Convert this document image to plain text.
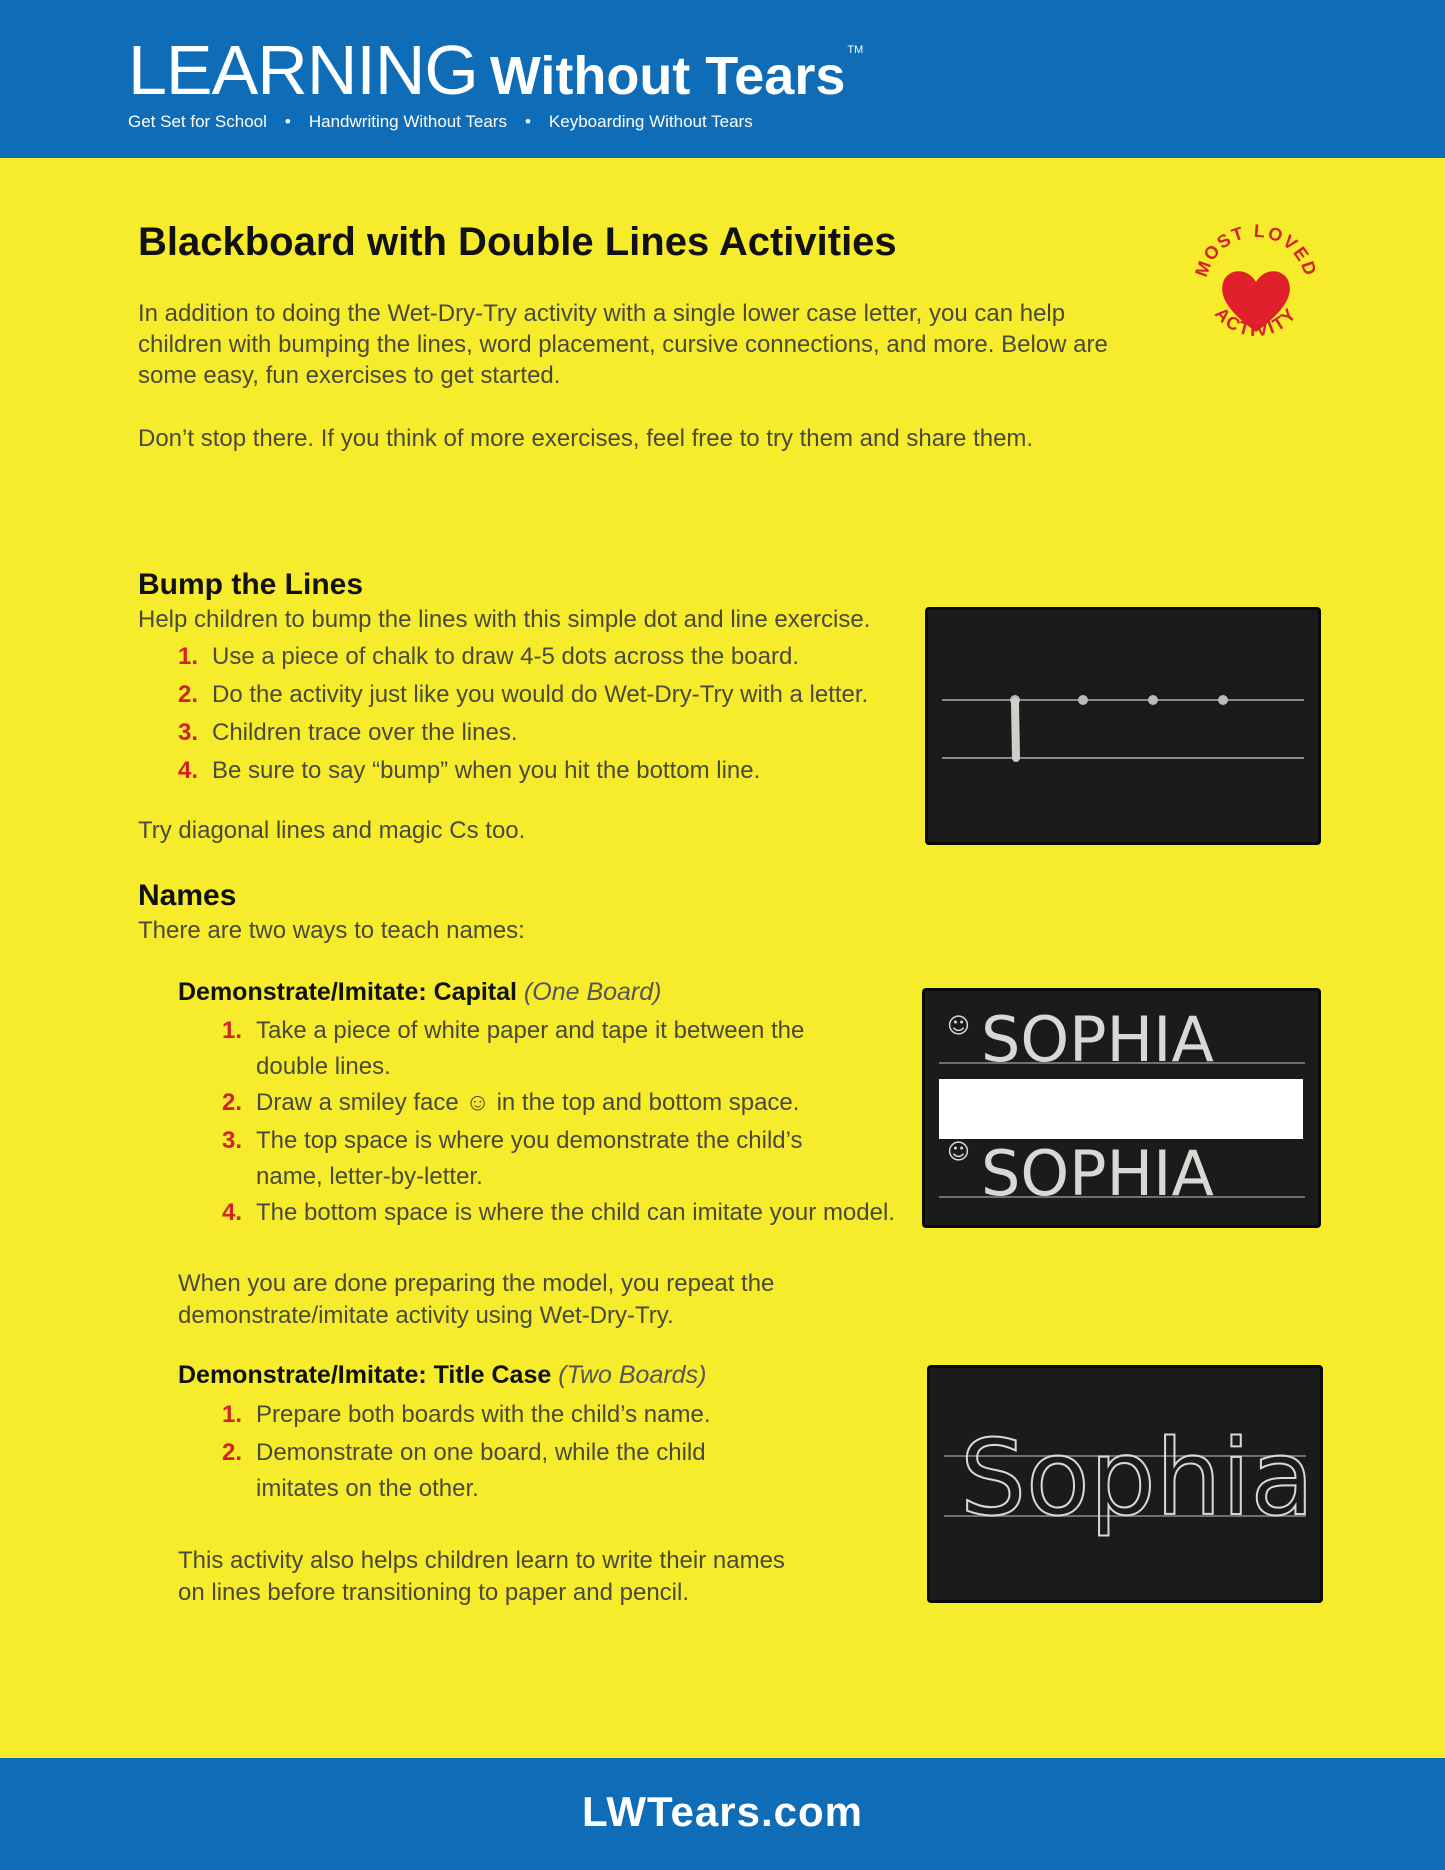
LEARNING Without Tears TM
Get Set for School • Handwriting Without Tears • Keyboarding Without Tears
Blackboard with Double Lines Activities

In addition to doing the Wet-Dry-Try activity with a single lower case letter, you can help children with bumping the lines, word placement, cursive connections, and more. Below are some easy, fun exercises to get started.

Don’t stop there. If you think of more exercises, feel free to try them and share them.

MOST LOVED
ACTIVITY
Bump the Lines
Help children to bump the lines with this simple dot and line exercise.
1. Use a piece of chalk to draw 4-5 dots across the board.
2. Do the activity just like you would do Wet-Dry-Try with a letter.
3. Children trace over the lines.
4. Be sure to say “bump” when you hit the bottom line.
Try diagonal lines and magic Cs too.
Names
There are two ways to teach names:
Demonstrate/Imitate: Capital (One Board)
1. Take a piece of white paper and tape it between the
double lines.
2. Draw a smiley face ☺ in the top and bottom space.
3. The top space is where you demonstrate the child’s
name, letter-by-letter.
4. The bottom space is where the child can imitate your model.
When you are done preparing the model, you repeat the demonstrate/imitate activity using Wet-Dry-Try.
☺ SOPHIA
☺ SOPHIA
Demonstrate/Imitate: Title Case (Two Boards)
1. Prepare both boards with the child’s name.
2. Demonstrate on one board, while the child
imitates on the other.
This activity also helps children learn to write their names on lines before transitioning to paper and pencil.
Sophia
LWTears.com
